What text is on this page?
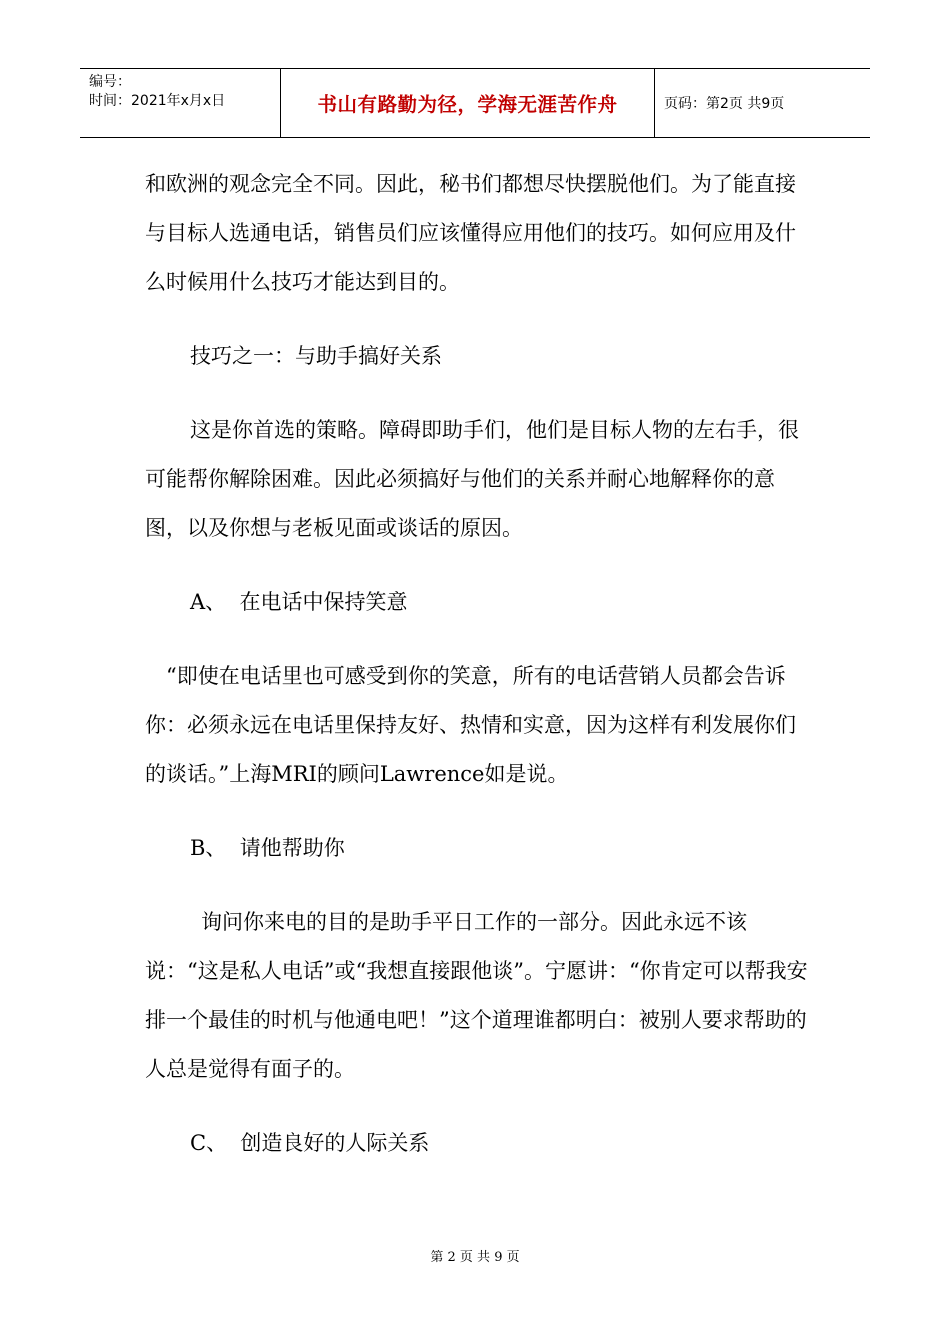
编号：
时间：2021年x月x日	书山有路勤为径，学海无涯苦作舟	页码：第2页 共9页

和欧洲的观念完全不同。因此，秘书们都想尽快摆脱他们。为了能直接与目标人选通电话，销售员们应该懂得应用他们的技巧。如何应用及什么时候用什么技巧才能达到目的。

技巧之一：与助手搞好关系

这是你首选的策略。障碍即助手们，他们是目标人物的左右手，很可能帮你解除困难。因此必须搞好与他们的关系并耐心地解释你的意图，以及你想与老板见面或谈话的原因。

A、  在电话中保持笑意

“即使在电话里也可感受到你的笑意，所有的电话营销人员都会告诉你：必须永远在电话里保持友好、热情和实意，因为这样有利发展你们的谈话。”上海MRI的顾问Lawrence如是说。

B、  请他帮助你

询问你来电的目的是助手平日工作的一部分。因此永远不该说：“这是私人电话”或“我想直接跟他谈”。宁愿讲：“你肯定可以帮我安排一个最佳的时机与他通电吧！”这个道理谁都明白：被别人要求帮助的人总是觉得有面子的。

C、  创造良好的人际关系
第 2 页 共 9 页
